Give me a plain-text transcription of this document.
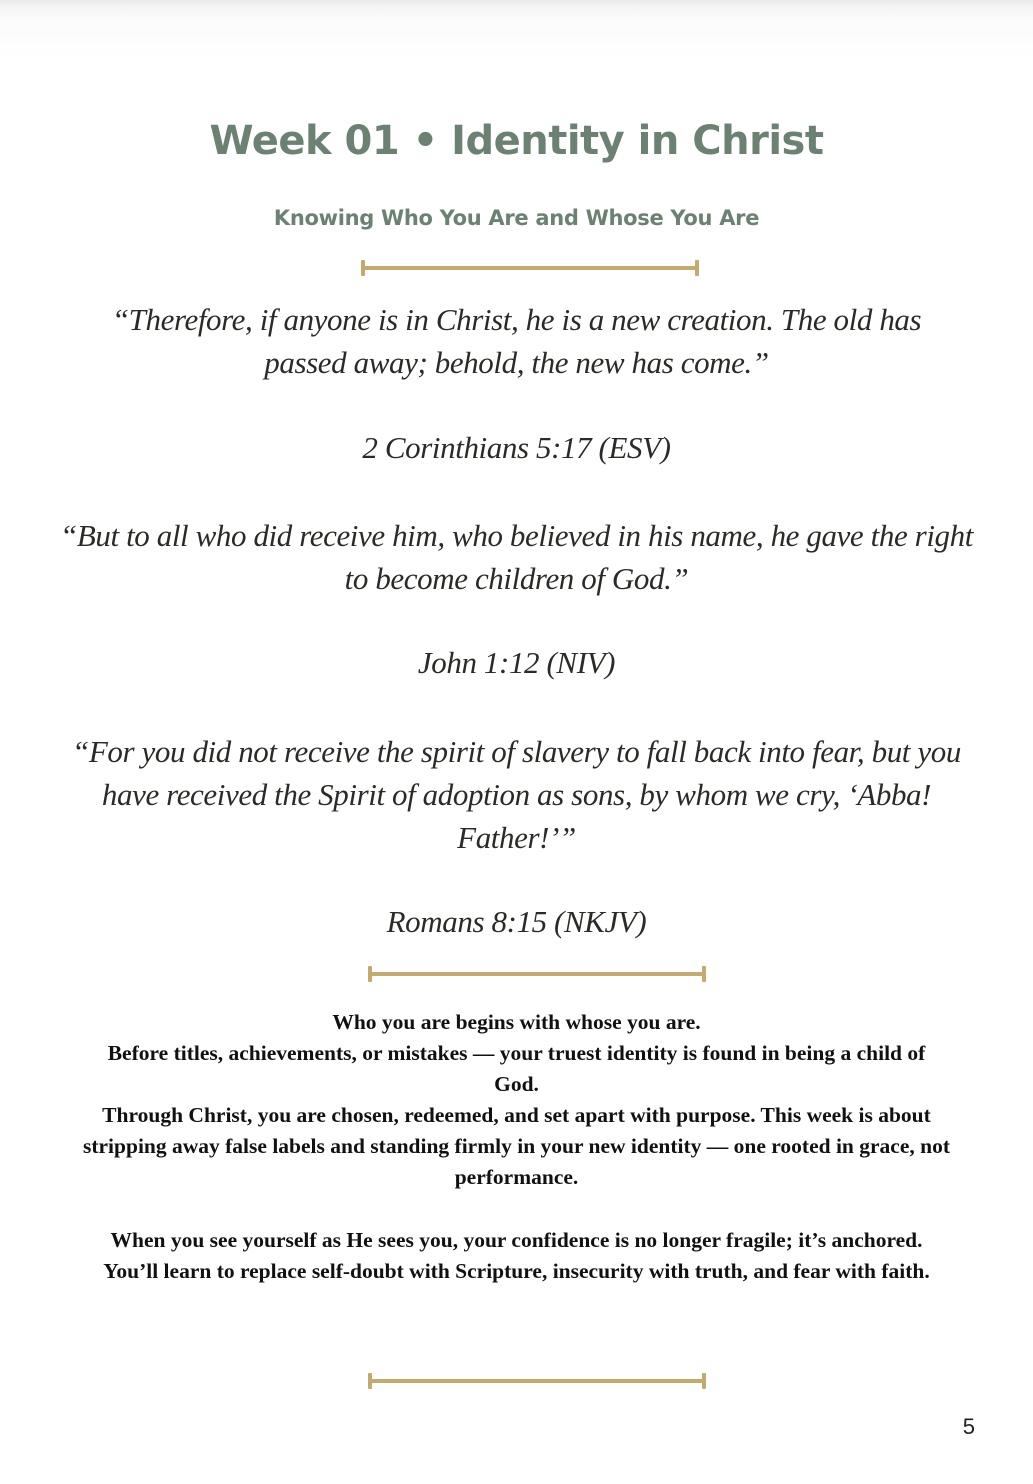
Week 01 • Identity in Christ
Knowing Who You Are and Whose You Are

“Therefore, if anyone is in Christ, he is a new creation. The old has passed away; behold, the new has come.”

2 Corinthians 5:17 (ESV)

“But to all who did receive him, who believed in his name, he gave the right to become children of God.”

John 1:12 (NIV)

“For you did not receive the spirit of slavery to fall back into fear, but you have received the Spirit of adoption as sons, by whom we cry, ‘Abba! Father!’”

Romans 8:15 (NKJV)

Who you are begins with whose you are.
Before titles, achievements, or mistakes — your truest identity is found in being a child of God.
Through Christ, you are chosen, redeemed, and set apart with purpose. This week is about stripping away false labels and standing firmly in your new identity — one rooted in grace, not performance.
When you see yourself as He sees you, your confidence is no longer fragile; it’s anchored.
You’ll learn to replace self-doubt with Scripture, insecurity with truth, and fear with faith.
5
